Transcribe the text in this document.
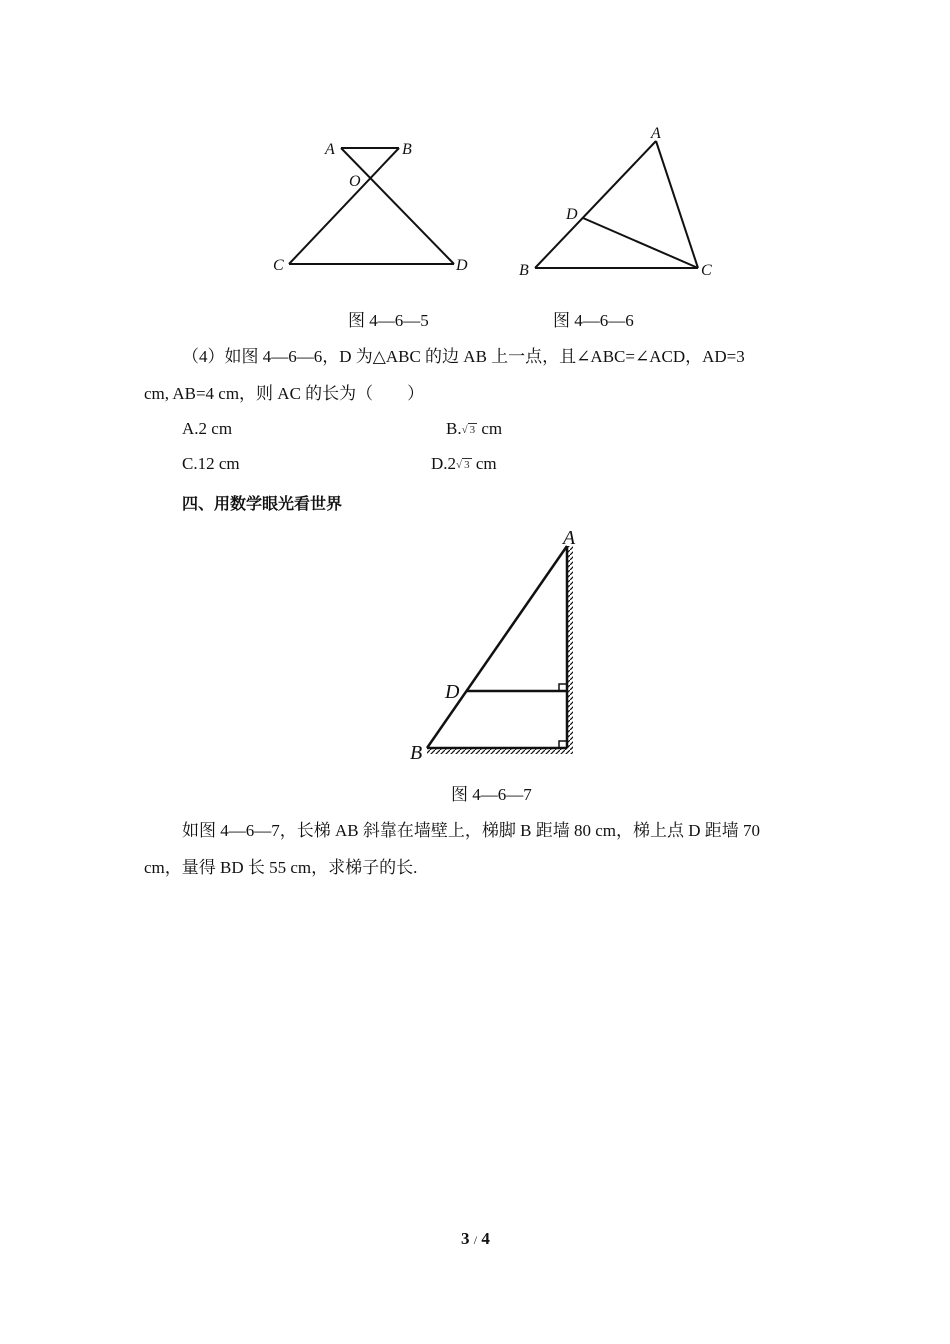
A	B
O
C	D
A
D
B	C
图 4—6—5	图 4—6—6
（4）如图 4—6—6，D 为△ABC 的边 AB 上一点，且∠ABC=∠ACD，AD=3
cm, AB=4 cm，则 AC 的长为（　　）
A.2 cm	B.√ 3 cm
C.12 cm	D.2√ 3 cm
四、用数学眼光看世界
A
D
B
图 4—6—7
如图 4—6—7，长梯 AB 斜靠在墙壁上，梯脚 B 距墙 80 cm，梯上点 D 距墙 70
cm，量得 BD 长 55 cm，求梯子的长.
3 / 4
